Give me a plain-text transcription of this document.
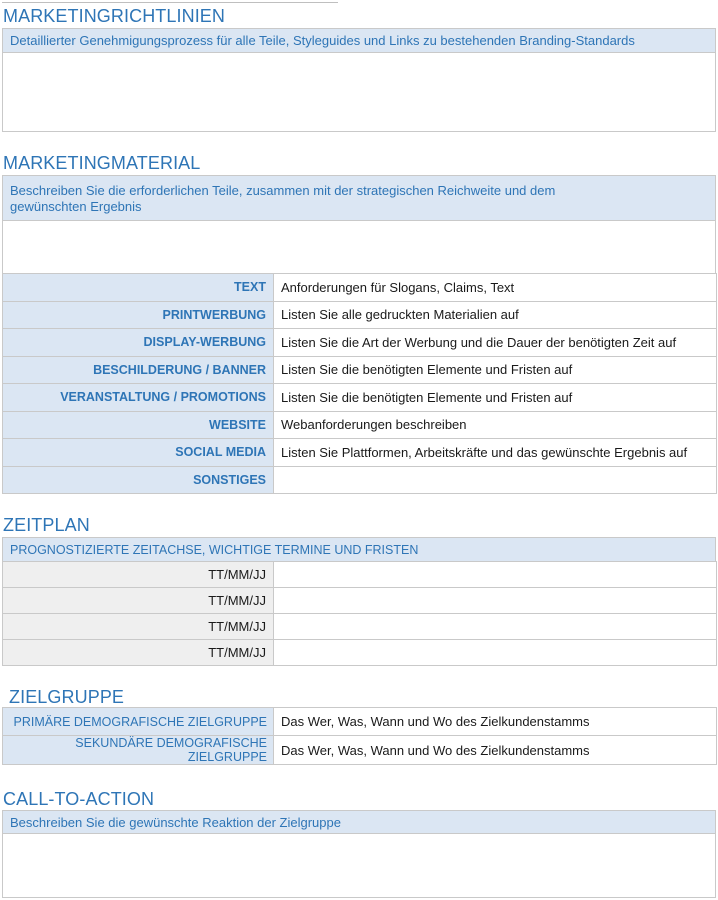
MARKETINGRICHTLINIEN
Detaillierter Genehmigungsprozess für alle Teile, Styleguides und Links zu bestehenden Branding-Standards
MARKETINGMATERIAL
Beschreiben Sie die erforderlichen Teile, zusammen mit der strategischen Reichweite und dem
gewünschten Ergebnis
TEXT	Anforderungen für Slogans, Claims, Text
PRINTWERBUNG	Listen Sie alle gedruckten Materialien auf
DISPLAY-WERBUNG	Listen Sie die Art der Werbung und die Dauer der benötigten Zeit auf
BESCHILDERUNG / BANNER	Listen Sie die benötigten Elemente und Fristen auf
VERANSTALTUNG / PROMOTIONS	Listen Sie die benötigten Elemente und Fristen auf
WEBSITE	Webanforderungen beschreiben
SOCIAL MEDIA	Listen Sie Plattformen, Arbeitskräfte und das gewünschte Ergebnis auf
SONSTIGES	
ZEITPLAN
PROGNOSTIZIERTE ZEITACHSE, WICHTIGE TERMINE UND FRISTEN
TT/MM/JJ	
TT/MM/JJ	
TT/MM/JJ	
TT/MM/JJ	
ZIELGRUPPE
PRIMÄRE DEMOGRAFISCHE ZIELGRUPPE	Das Wer, Was, Wann und Wo des Zielkundenstamms
SEKUNDÄRE DEMOGRAFISCHE ZIELGRUPPE	Das Wer, Was, Wann und Wo des Zielkundenstamms
CALL-TO-ACTION
Beschreiben Sie die gewünschte Reaktion der Zielgruppe
